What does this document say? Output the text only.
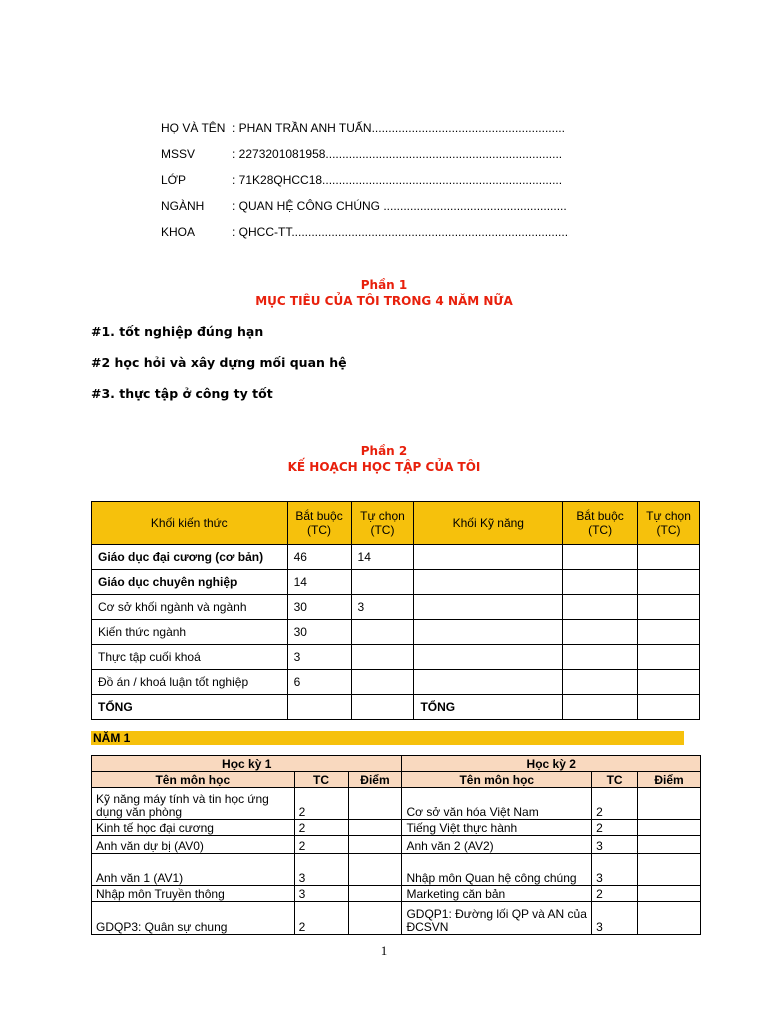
HỌ VÀ TÊN : PHAN TRẦN ANH TUẤN..........................................................
MSSV	: 2273201081958.......................................................................
LỚP	: 71K28QHCC18........................................................................
NGÀNH : QUAN HỆ CÔNG CHÚNG .......................................................
KHOA	: QHCC-TT...................................................................................
Phần 1
MỤC TIÊU CỦA TÔI TRONG 4 NĂM NỮA
#1. tốt nghiệp đúng hạn
#2 học hỏi và xây dựng mối quan hệ
#3. thực tập ở công ty tốt
Phần 2
KẾ HOẠCH HỌC TẬP CỦA TÔI
Khối kiến thức	Bắt buộc (TC)	Tự chọn (TC)	Khối Kỹ năng	Bắt buộc (TC)	Tự chọn (TC)
Giáo dục đại cương (cơ bản)	46	14			
Giáo dục chuyên nghiệp	14				
Cơ sở khối ngành và ngành	30	3			
Kiến thức ngành	30				
Thực tập cuối khoá	3				
Đồ án / khoá luận tốt nghiệp	6				
TỔNG			TỔNG		
NĂM 1
Học kỳ 1			Học kỳ 2		
Tên môn học	TC	Điểm	Tên môn học	TC	Điểm
Kỹ năng máy tính và tin học ứng dụng văn phòng	2		Cơ sở văn hóa Việt Nam	2	
Kinh tế học đại cương	2		Tiếng Việt thực hành	2	
Anh văn dự bị (AV0)	2		Anh văn 2 (AV2)	3	
Anh văn 1 (AV1)	3		Nhập môn Quan hệ công chúng	3	
Nhập môn Truyền thông	3		Marketing căn bản	2	
GDQP3: Quân sự chung	2		GDQP1: Đường lối QP và AN của ĐCSVN	3	
1
